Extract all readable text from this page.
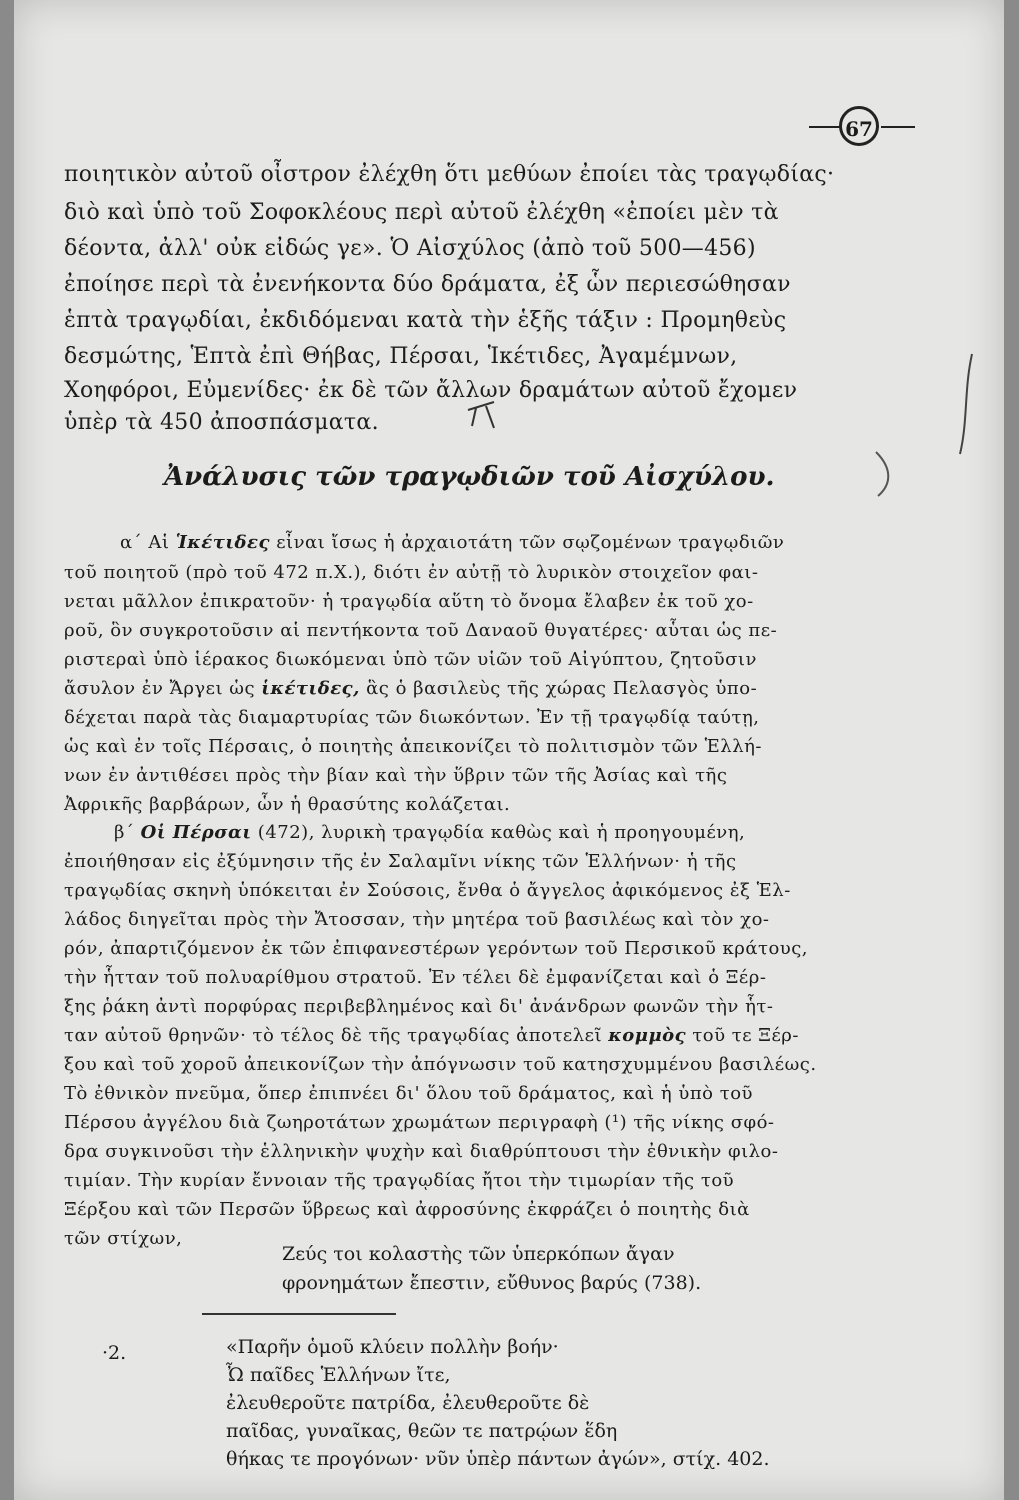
67
ποιητικὸν αὐτοῦ οἶστρον ἐλέχθη ὅτι μεθύων ἐποίει τὰς τραγῳδίας·
διὸ καὶ ὑπὸ τοῦ Σοφοκλέους περὶ αὐτοῦ ἐλέχθη «ἐποίει μὲν τὰ
δέοντα, ἀλλ' οὐκ εἰδώς γε». Ὁ Αἰσχύλος (ἀπὸ τοῦ 500—456)
ἐποίησε περὶ τὰ ἐνενήκοντα δύο δράματα, ἐξ ὧν περιεσώθησαν
ἑπτὰ τραγῳδίαι, ἐκδιδόμεναι κατὰ τὴν ἑξῆς τάξιν : Προμηθεὺς
δεσμώτης, Ἑπτὰ ἐπὶ Θήβας, Πέρσαι, Ἱκέτιδες, Ἀγαμέμνων,
Χοηφόροι, Εὐμενίδες· ἐκ δὲ τῶν ἄλλων δραμάτων αὐτοῦ ἔχομεν
ὑπὲρ τὰ 450 ἀποσπάσματα.
Ἀνάλυσις τῶν τραγῳδιῶν τοῦ Αἰσχύλου.
α΄ Αἱ Ἱκέτιδες εἶναι ἴσως ἡ ἀρχαιοτάτη τῶν σῳζομένων τραγῳδιῶν
τοῦ ποιητοῦ (πρὸ τοῦ 472 π.Χ.), διότι ἐν αὐτῇ τὸ λυρικὸν στοιχεῖον φαι-
νεται μᾶλλον ἐπικρατοῦν· ἡ τραγῳδία αὕτη τὸ ὄνομα ἔλαβεν ἐκ τοῦ χο-
ροῦ, ὃν συγκροτοῦσιν αἱ πεντήκοντα τοῦ Δαναοῦ θυγατέρες· αὗται ὡς πε-
ριστεραὶ ὑπὸ ἱέρακος διωκόμεναι ὑπὸ τῶν υἱῶν τοῦ Αἰγύπτου, ζητοῦσιν
ἄσυλον ἐν Ἄργει ὡς ἱκέτιδες, ἃς ὁ βασιλεὺς τῆς χώρας Πελασγὸς ὑπο-
δέχεται παρὰ τὰς διαμαρτυρίας τῶν διωκόντων. Ἐν τῇ τραγῳδίᾳ ταύτῃ,
ὡς καὶ ἐν τοῖς Πέρσαις, ὁ ποιητὴς ἀπεικονίζει τὸ πολιτισμὸν τῶν Ἑλλή-
νων ἐν ἀντιθέσει πρὸς τὴν βίαν καὶ τὴν ὕβριν τῶν τῆς Ἀσίας καὶ τῆς
Ἀφρικῆς βαρβάρων, ὧν ἡ θρασύτης κολάζεται.
β΄ Οἱ Πέρσαι (472), λυρικὴ τραγῳδία καθὼς καὶ ἡ προηγουμένη,
ἐποιήθησαν εἰς ἐξύμνησιν τῆς ἐν Σαλαμῖνι νίκης τῶν Ἑλλήνων· ἡ τῆς
τραγῳδίας σκηνὴ ὑπόκειται ἐν Σούσοις, ἔνθα ὁ ἄγγελος ἀφικόμενος ἐξ Ἑλ-
λάδος διηγεῖται πρὸς τὴν Ἄτοσσαν, τὴν μητέρα τοῦ βασιλέως καὶ τὸν χο-
ρόν, ἀπαρτιζόμενον ἐκ τῶν ἐπιφανεστέρων γερόντων τοῦ Περσικοῦ κράτους,
τὴν ἧτταν τοῦ πολυαρίθμου στρατοῦ. Ἐν τέλει δὲ ἐμφανίζεται καὶ ὁ Ξέρ-
ξης ῥάκη ἀντὶ πορφύρας περιβεβλημένος καὶ δι' ἀνάνδρων φωνῶν τὴν ἧτ-
ταν αὐτοῦ θρηνῶν· τὸ τέλος δὲ τῆς τραγῳδίας ἀποτελεῖ κομμὸς τοῦ τε Ξέρ-
ξου καὶ τοῦ χοροῦ ἀπεικονίζων τὴν ἀπόγνωσιν τοῦ κατησχυμμένου βασιλέως.
Τὸ ἐθνικὸν πνεῦμα, ὅπερ ἐπιπνέει δι' ὅλου τοῦ δράματος, καὶ ἡ ὑπὸ τοῦ
Πέρσου ἀγγέλου διὰ ζωηροτάτων χρωμάτων περιγραφὴ (¹) τῆς νίκης σφό-
δρα συγκινοῦσι τὴν ἑλληνικὴν ψυχὴν καὶ διαθρύπτουσι τὴν ἐθνικὴν φιλο-
τιμίαν. Τὴν κυρίαν ἔννοιαν τῆς τραγῳδίας ἤτοι τὴν τιμωρίαν τῆς τοῦ
Ξέρξου καὶ τῶν Περσῶν ὕβρεως καὶ ἀφροσύνης ἐκφράζει ὁ ποιητὴς διὰ
τῶν στίχων,
Ζεύς τοι κολαστὴς τῶν ὑπερκόπων ἄγαν
φρονημάτων ἔπεστιν, εὔθυνος βαρύς (738).
·2.	«Παρῆν ὁμοῦ κλύειν πολλὴν βοήν·
Ὦ παῖδες Ἑλλήνων ἴτε,
ἐλευθεροῦτε πατρίδα, ἐλευθεροῦτε δὲ
παῖδας, γυναῖκας, θεῶν τε πατρῴων ἕδη
θήκας τε προγόνων· νῦν ὑπὲρ πάντων ἀγών», στίχ. 402.
